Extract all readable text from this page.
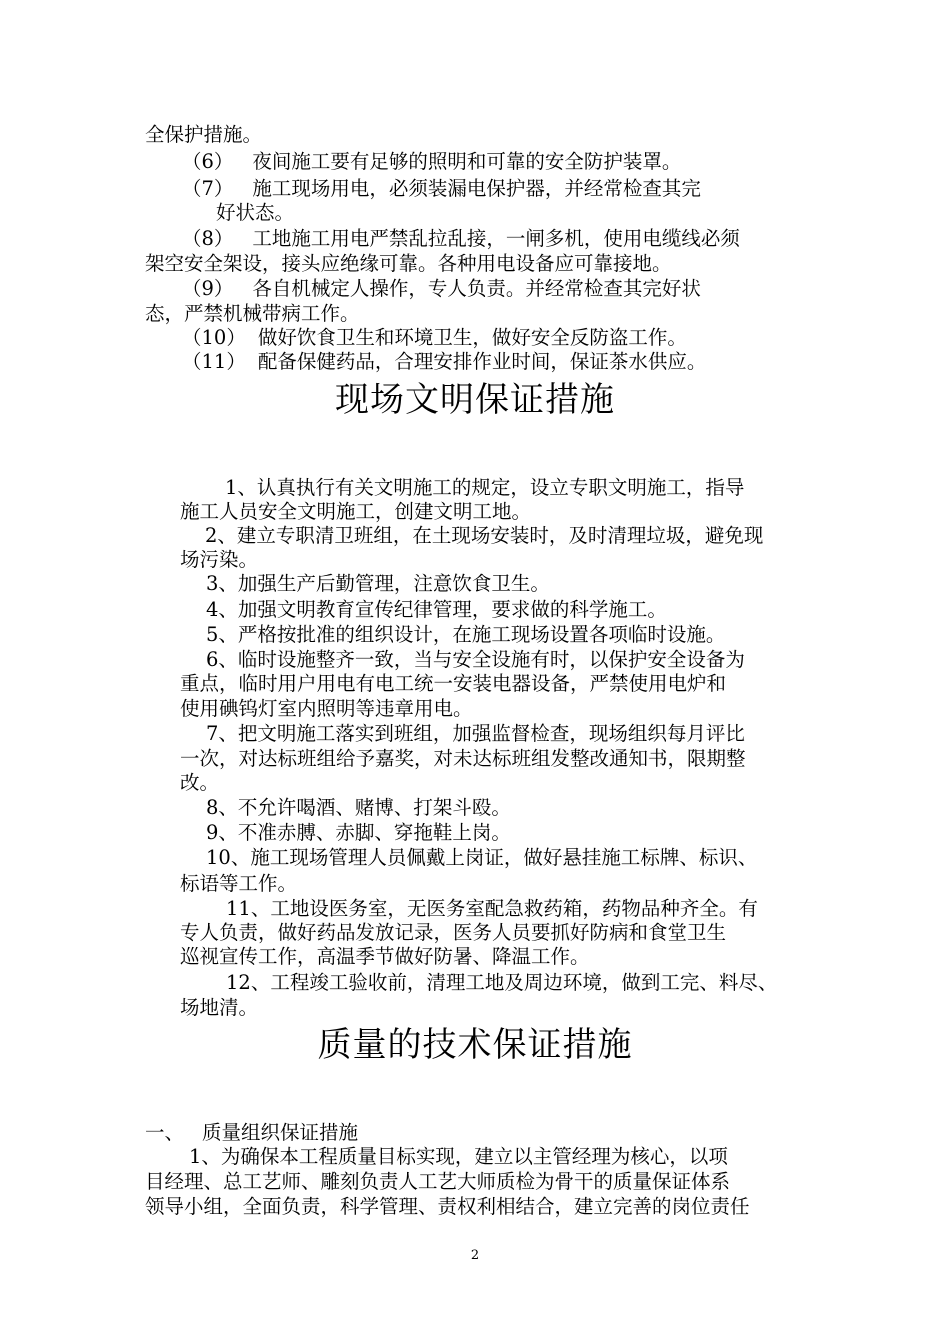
全保护措施。

（6） 夜间施工要有足够的照明和可靠的安全防护装罩。

（7） 施工现场用电，必须装漏电保护器，并经常检查其完

好状态。

（8） 工地施工用电严禁乱拉乱接，一闸多机，使用电缆线必须

架空安全架设，接头应绝缘可靠。各种用电设备应可靠接地。

（9） 各自机械定人操作，专人负责。并经常检查其完好状

态，严禁机械带病工作。

（10） 做好饮食卫生和环境卫生，做好安全反防盗工作。

（11） 配备保健药品，合理安排作业时间，保证茶水供应。

现场文明保证措施

1、认真执行有关文明施工的规定，设立专职文明施工，指导

施工人员安全文明施工，创建文明工地。

2、建立专职清卫班组，在土现场安装时，及时清理垃圾，避免现

场污染。

3、加强生产后勤管理，注意饮食卫生。

4、加强文明教育宣传纪律管理，要求做的科学施工。

5、严格按批准的组织设计，在施工现场设置各项临时设施。

6、临时设施整齐一致，当与安全设施有时，以保护安全设备为

重点，临时用户用电有电工统一安装电器设备，严禁使用电炉和

使用碘钨灯室内照明等违章用电。

7、把文明施工落实到班组，加强监督检查，现场组织每月评比

一次，对达标班组给予嘉奖，对未达标班组发整改通知书，限期整

改。

8、不允许喝酒、赌博、打架斗殴。

9、不准赤膊、赤脚、穿拖鞋上岗。

10、施工现场管理人员佩戴上岗证，做好悬挂施工标牌、标识、

标语等工作。

11、工地设医务室，无医务室配急救药箱，药物品种齐全。有

专人负责，做好药品发放记录，医务人员要抓好防病和食堂卫生

巡视宣传工作，高温季节做好防暑、降温工作。

12、工程竣工验收前，清理工地及周边环境，做到工完、料尽、

场地清。

质量的技术保证措施

一、 质量组织保证措施

1、为确保本工程质量目标实现，建立以主管经理为核心，以项

目经理、总工艺师、雕刻负责人工艺大师质检为骨干的质量保证体系

领导小组，全面负责，科学管理、责权利相结合，建立完善的岗位责任

2
